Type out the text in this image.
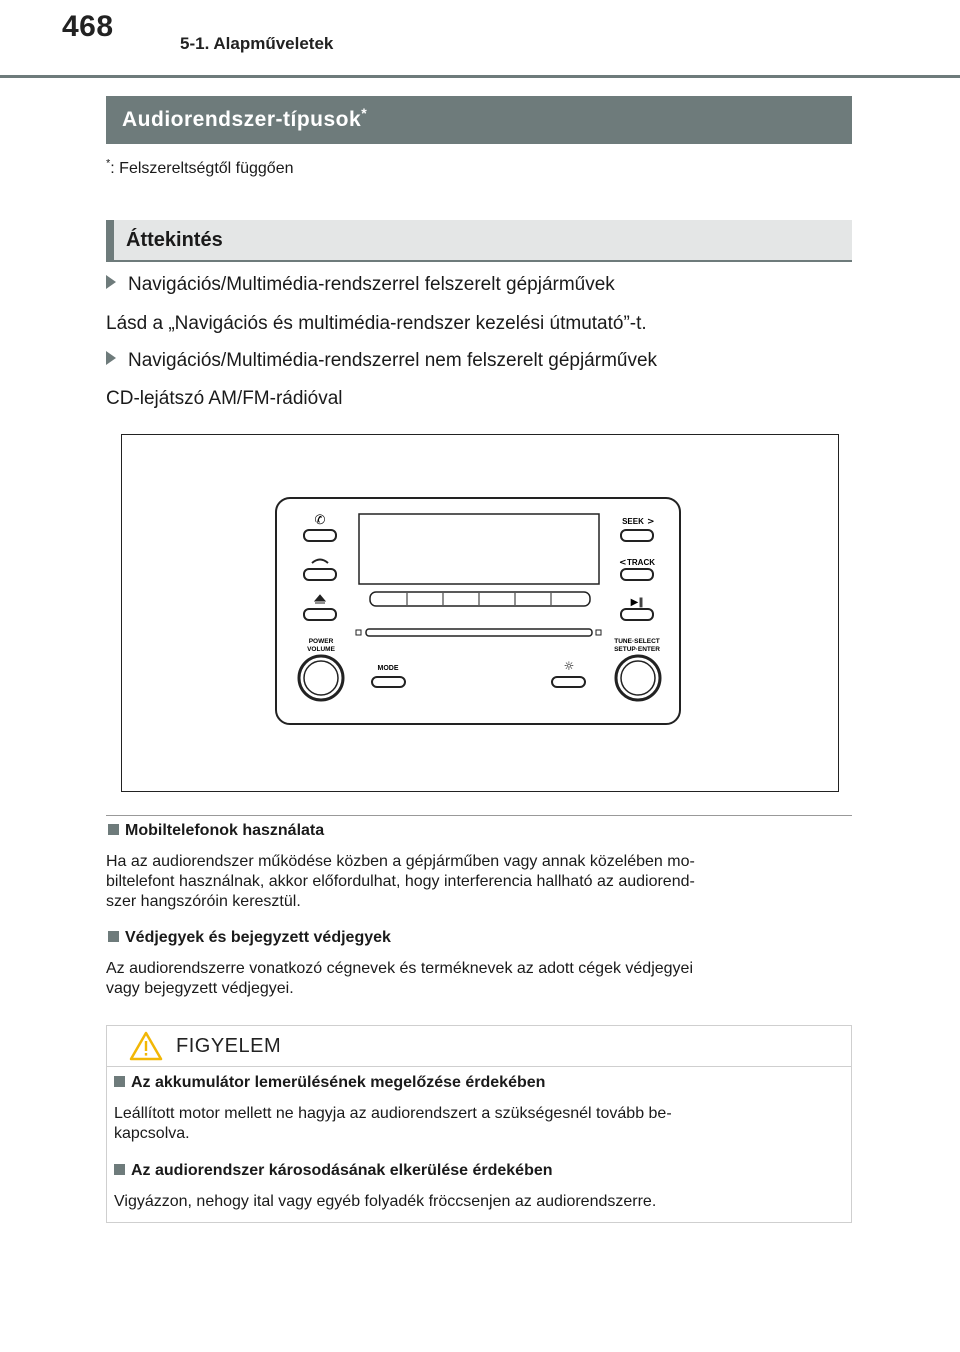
468
5-1. Alapműveletek
Audiorendszer-típusok*
*: Felszereltségtől függően
Áttekintés
Navigációs/Multimédia-rendszerrel felszerelt gépjárművek
Lásd a „Navigációs és multimédia-rendszer kezelési útmutató”-t.
Navigációs/Multimédia-rendszerrel nem felszerelt gépjárművek
CD-lejátszó AM/FM-rádióval
✆	SEEK >
< TRACK
▶‖
POWER
VOLUME
TUNE·SELECT
SETUP·ENTER
MODE	☼
Mobiltelefonok használata
Ha az audiorendszer működése közben a gépjárműben vagy annak közelében mo-
biltelefont használnak, akkor előfordulhat, hogy interferencia hallható az audiorend-
szer hangszóróin keresztül.
Védjegyek és bejegyzett védjegyek
Az audiorendszerre vonatkozó cégnevek és terméknevek az adott cégek védjegyei
vagy bejegyzett védjegyei.
FIGYELEM
Az akkumulátor lemerülésének megelőzése érdekében
Leállított motor mellett ne hagyja az audiorendszert a szükségesnél tovább be-
kapcsolva.
Az audiorendszer károsodásának elkerülése érdekében
Vigyázzon, nehogy ital vagy egyéb folyadék fröccsenjen az audiorendszerre.
